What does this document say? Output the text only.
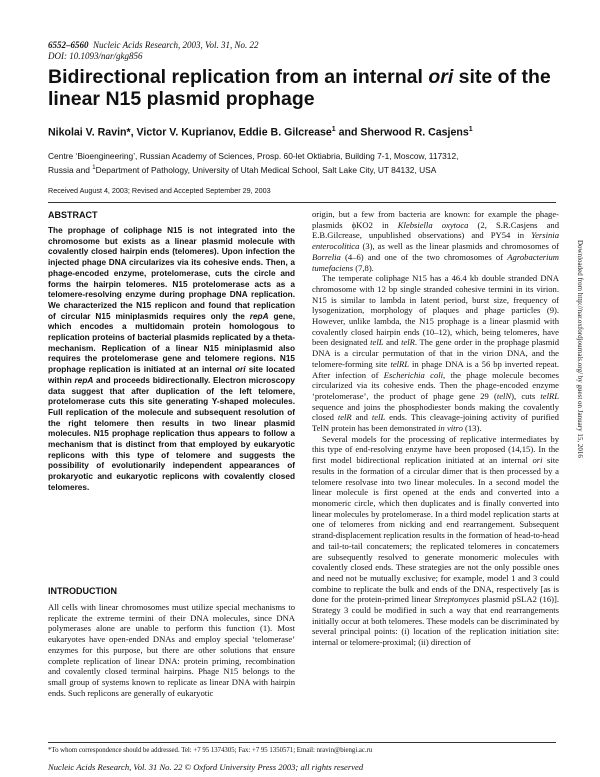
6552–6560 Nucleic Acids Research, 2003, Vol. 31, No. 22
DOI: 10.1093/nar/gkg856
Bidirectional replication from an internal ori site of the linear N15 plasmid prophage
Nikolai V. Ravin*, Victor V. Kuprianov, Eddie B. Gilcrease$^1$ and Sherwood R. Casjens$^1$
Centre ‘Bioengineering’, Russian Academy of Sciences, Prosp. 60-let Oktiabria, Building 7-1, Moscow, 117312,
Russia and $^1$Department of Pathology, University of Utah Medical School, Salt Lake City, UT 84132, USA
Received August 4, 2003; Revised and Accepted September 29, 2003
ABSTRACT

The prophage of coliphage N15 is not integrated into the chromosome but exists as a linear plasmid molecule with covalently closed hairpin ends (telomeres). Upon infection the injected phage DNA circularizes via its cohesive ends. Then, a phage-encoded enzyme, protelomerase, cuts the circle and forms the hairpin telomeres. N15 protelomerase acts as a telomere-resolving enzyme during prophage DNA replication. We characterized the N15 replicon and found that replication of circular N15 miniplasmids requires only the repA gene, which encodes a multidomain protein homologous to replication proteins of bacterial plasmids replicated by a theta-mechanism. Replication of a linear N15 miniplasmid also requires the protelomerase gene and telomere regions. N15 prophage replication is initiated at an internal ori site located within repA and proceeds bidirectionally. Electron microscopy data suggest that after duplication of the left telomere, protelomerase cuts this site generating Y-shaped molecules. Full replication of the molecule and subsequent resolution of the right telomere then results in two linear plasmid molecules. N15 prophage replication thus appears to follow a mechanism that is distinct from that employed by eukaryotic replicons with this type of telomere and suggests the possibility of evolutionarily independent appearances of prokaryotic and eukaryotic replicons with covalently closed telomeres.

INTRODUCTION

All cells with linear chromosomes must utilize special mechanisms to replicate the extreme termini of their DNA molecules, since DNA polymerases alone are unable to perform this function (1). Most eukaryotes have open-ended DNAs and employ special ‘telomerase’ enzymes for this purpose, but there are other solutions that ensure complete replication of linear DNA: protein priming, recombination and covalently closed terminal hairpins. Phage N15 belongs to the small group of systems known to replicate as linear DNA with hairpin ends. Such replicons are generally of eukaryotic

origin, but a few from bacteria are known: for example the phage-plasmids ϕKO2 in Klebsiella oxytoca (2, S.R.Casjens and E.B.Gilcrease, unpublished observations) and PY54 in Yersinia enterocolitica (3), as well as the linear plasmids and chromosomes of Borrelia (4–6) and one of the two chromosomes of Agrobacterium tumefaciens (7,8).

The temperate coliphage N15 has a 46.4 kb double stranded DNA chromosome with 12 bp single stranded cohesive termini in its virion. N15 is similar to lambda in latent period, burst size, frequency of lysogenization, morphology of plaques and phage particles (9). However, unlike lambda, the N15 prophage is a linear plasmid with covalently closed hairpin ends (10–12), which, being telomeres, have been designated telL and telR. The gene order in the prophage plasmid DNA is a circular permutation of that in the virion DNA, and the telomere-forming site telRL in phage DNA is a 56 bp inverted repeat. After infection of Escherichia coli, the phage molecule becomes circularized via its cohesive ends. Then the phage-encoded enzyme ‘protelomerase’, the product of phage gene 29 (telN), cuts telRL sequence and joins the phosphodiester bonds making the covalently closed telR and telL ends. This cleavage-joining activity of purified TelN protein has been demonstrated in vitro (13).

Several models for the processing of replicative intermediates by this type of end-resolving enzyme have been proposed (14,15). In the first model bidirectional replication initiated at an internal ori site results in the formation of a circular dimer that is then processed by a telomere resolvase into two linear molecules. In a second model the linear molecule is first opened at the ends and converted into a monomeric circle, which then duplicates and is finally converted into linear molecules by protelomerase. In a third model replication starts at one of telomeres from nicking and end rearrangement. Subsequent strand-displacement replication results in the formation of head-to-head and tail-to-tail concatemers; the replicated telomeres in concatemers are subsequently resolved to generate monomeric molecules with covalently closed ends. These strategies are not the only possible ones and need not be mutually exclusive; for example, model 1 and 3 could combine to replicate the bulk and ends of the DNA, respectively [as is done for the protein-primed linear Streptomyces plasmid pSLA2 (16)]. Strategy 3 could be modified in such a way that end rearrangements initially occur at both telomeres. These models can be discriminated by several principal points: (i) location of the replication initiation site: internal or telomere-proximal; (ii) direction of

*To whom correspondence should be addressed. Tel: +7 95 1374305; Fax: +7 95 1350571; Email: nravin@biengi.ac.ru
Nucleic Acids Research, Vol. 31 No. 22 © Oxford University Press 2003; all rights reserved
Downloaded from http://nar.oxfordjournals.org/ by guest on January 15, 2016
